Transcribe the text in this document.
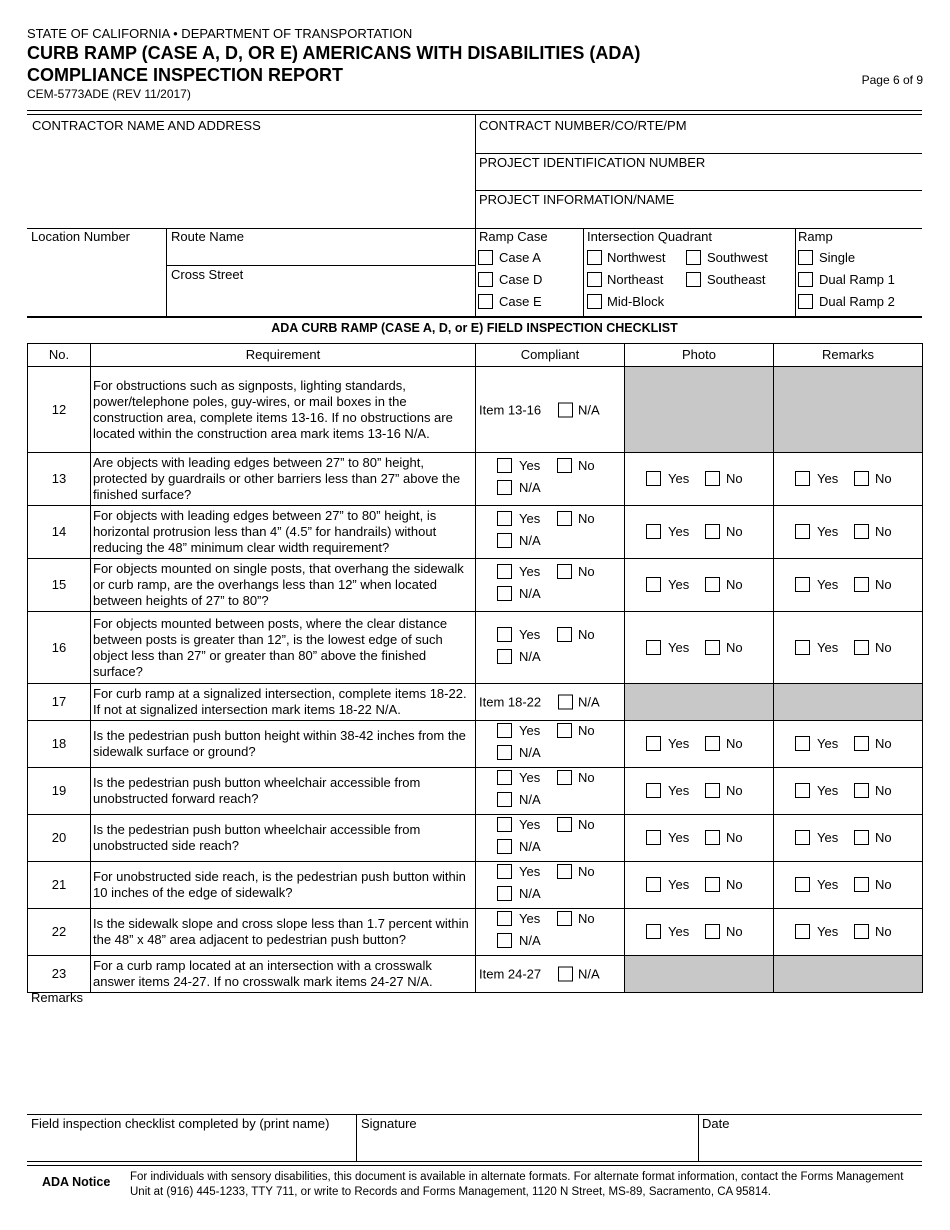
STATE OF CALIFORNIA • DEPARTMENT OF TRANSPORTATION
CURB RAMP (CASE A, D, OR E) AMERICANS WITH DISABILITIES (ADA)
COMPLIANCE INSPECTION REPORT
CEM-5773ADE (REV 11/2017)
Page 6 of 9
CONTRACTOR NAME AND ADDRESS	CONTRACT NUMBER/CO/RTE/PM
PROJECT IDENTIFICATION NUMBER
PROJECT INFORMATION/NAME
Location Number	Route Name
Cross Street
Ramp Case
Case A
Case D
Case E
Intersection Quadrant
Northwest	Southwest
Northeast	Southeast
Mid-Block
Ramp
Single
Dual Ramp 1
Dual Ramp 2
ADA CURB RAMP (CASE A, D, or E) FIELD INSPECTION CHECKLIST
No.	Requirement	Compliant	Photo	Remarks
12	For obstructions such as signposts, lighting standards, power/telephone poles, guy-wires, or mail boxes in the construction area, complete items 13-16. If no obstructions are located within the construction area mark items 13-16 N/A.	Item 13-16 N/A		

13	Are objects with leading edges between 27” to 80” height, protected by guardrails or other barriers less than 27” above the finished surface?	Yes No
N/A	Yes No	Yes No

14	For objects with leading edges between 27” to 80” height, is horizontal protrusion less than 4” (4.5” for handrails) without reducing the 48” minimum clear width requirement?	Yes No
N/A	Yes No	Yes No

15	For objects mounted on single posts, that overhang the sidewalk or curb ramp, are the overhangs less than 12” when located between heights of 27” to 80”?	Yes No
N/A	Yes No	Yes No

16	For objects mounted between posts, where the clear distance between posts is greater than 12”, is the lowest edge of such object less than 27” or greater than 80” above the finished surface?	Yes No
N/A	Yes No	Yes No

17	For curb ramp at a signalized intersection, complete items 18-22. If not at signalized intersection mark items 18-22 N/A.	Item 18-22 N/A		

18	Is the pedestrian push button height within 38-42 inches from the sidewalk surface or ground?	Yes No
N/A	Yes No	Yes No

19	Is the pedestrian push button wheelchair accessible from unobstructed forward reach?	Yes No
N/A	Yes No	Yes No

20	Is the pedestrian push button wheelchair accessible from unobstructed side reach?	Yes No
N/A	Yes No	Yes No

21	For unobstructed side reach, is the pedestrian push button within 10 inches of the edge of sidewalk?	Yes No
N/A	Yes No	Yes No

22	Is the sidewalk slope and cross slope less than 1.7 percent within the 48” x 48” area adjacent to pedestrian push button?	Yes No
N/A	Yes No	Yes No

23	For a curb ramp located at an intersection with a crosswalk answer items 24-27. If no crosswalk mark items 24-27 N/A.	Item 24-27 N/A		

Remarks
Field inspection checklist completed by (print name) Signature	Date
ADA Notice For individuals with sensory disabilities, this document is available in alternate formats. For alternate format information, contact the Forms Management Unit at (916) 445-1233, TTY 711, or write to Records and Forms Management, 1120 N Street, MS-89, Sacramento, CA 95814.
